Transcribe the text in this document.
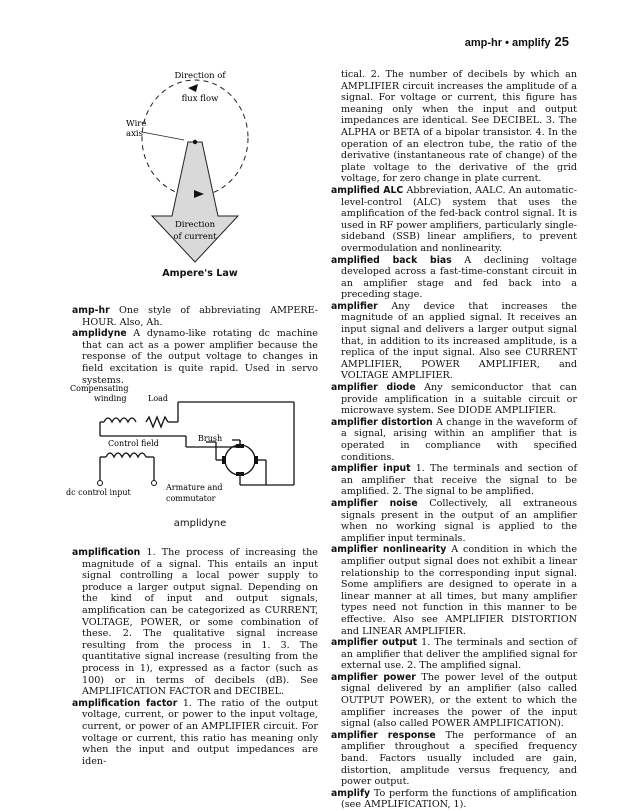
amp-hr • amplify 25
Direction of
flux flow
Wire
axis
Direction
of current
Ampere's Law

amp-hr One style of abbreviating AMPERE-HOUR. Also, Ah.

amplidyne A dynamo-like rotating dc machine that can act as a power amplifier because the response of the output voltage to changes in field excitation is quite rapid. Used in servo systems.

Compensating
winding	Load
Control field
Brush
dc control input
Armature and
commutator
amplidyne

amplification 1. The process of increasing the magnitude of a signal. This entails an input signal controlling a local power supply to produce a larger output signal. Depending on the kind of input and output signals, amplification can be categorized as CURRENT, VOLTAGE, POWER, or some combination of these. 2. The qualitative signal increase resulting from the process in 1. 3. The quantitative signal increase (resulting from the process in 1), expressed as a factor (such as 100) or in terms of decibels (dB). See AMPLIFICATION FACTOR and DECIBEL.

amplification factor 1. The ratio of the output voltage, current, or power to the input voltage, current, or power of an AMPLIFIER circuit. For voltage or current, this ratio has meaning only when the input and output impedances are iden-

tical. 2. The number of decibels by which an AMPLIFIER circuit increases the amplitude of a signal. For voltage or current, this figure has meaning only when the input and output impedances are identical. See DECIBEL. 3. The ALPHA or BETA of a bipolar transistor. 4. In the operation of an electron tube, the ratio of the derivative (instantaneous rate of change) of the plate voltage to the derivative of the grid voltage, for zero change in plate current.

amplified ALC Abbreviation, AALC. An automatic-level-control (ALC) system that uses the amplification of the fed-back control signal. It is used in RF power amplifiers, particularly single-sideband (SSB) linear amplifiers, to prevent overmodulation and nonlinearity.

amplified back bias A declining voltage developed across a fast-time-constant circuit in an amplifier stage and fed back into a preceding stage.

amplifier Any device that increases the magnitude of an applied signal. It receives an input signal and delivers a larger output signal that, in addition to its increased amplitude, is a replica of the input signal. Also see CURRENT AMPLIFIER, POWER AMPLIFIER, and VOLTAGE AMPLIFIER.

amplifier diode Any semiconductor that can provide amplification in a suitable circuit or microwave system. See DIODE AMPLIFIER.

amplifier distortion A change in the waveform of a signal, arising within an amplifier that is operated in compliance with specified conditions.

amplifier input 1. The terminals and section of an amplifier that receive the signal to be amplified. 2. The signal to be amplified.

amplifier noise Collectively, all extraneous signals present in the output of an amplifier when no working signal is applied to the amplifier input terminals.

amplifier nonlinearity A condition in which the amplifier output signal does not exhibit a linear relationship to the corresponding input signal. Some amplifiers are designed to operate in a linear manner at all times, but many amplifier types need not function in this manner to be effective. Also see AMPLIFIER DISTORTION and LINEAR AMPLIFIER.

amplifier output 1. The terminals and section of an amplifier that deliver the amplified signal for external use. 2. The amplified signal.

amplifier power The power level of the output signal delivered by an amplifier (also called OUTPUT POWER), or the extent to which the amplifier increases the power of the input signal (also called POWER AMPLIFICATION).

amplifier response The performance of an amplifier throughout a specified frequency band. Factors usually included are gain, distortion, amplitude versus frequency, and power output.

amplify To perform the functions of amplification (see AMPLIFICATION, 1).
